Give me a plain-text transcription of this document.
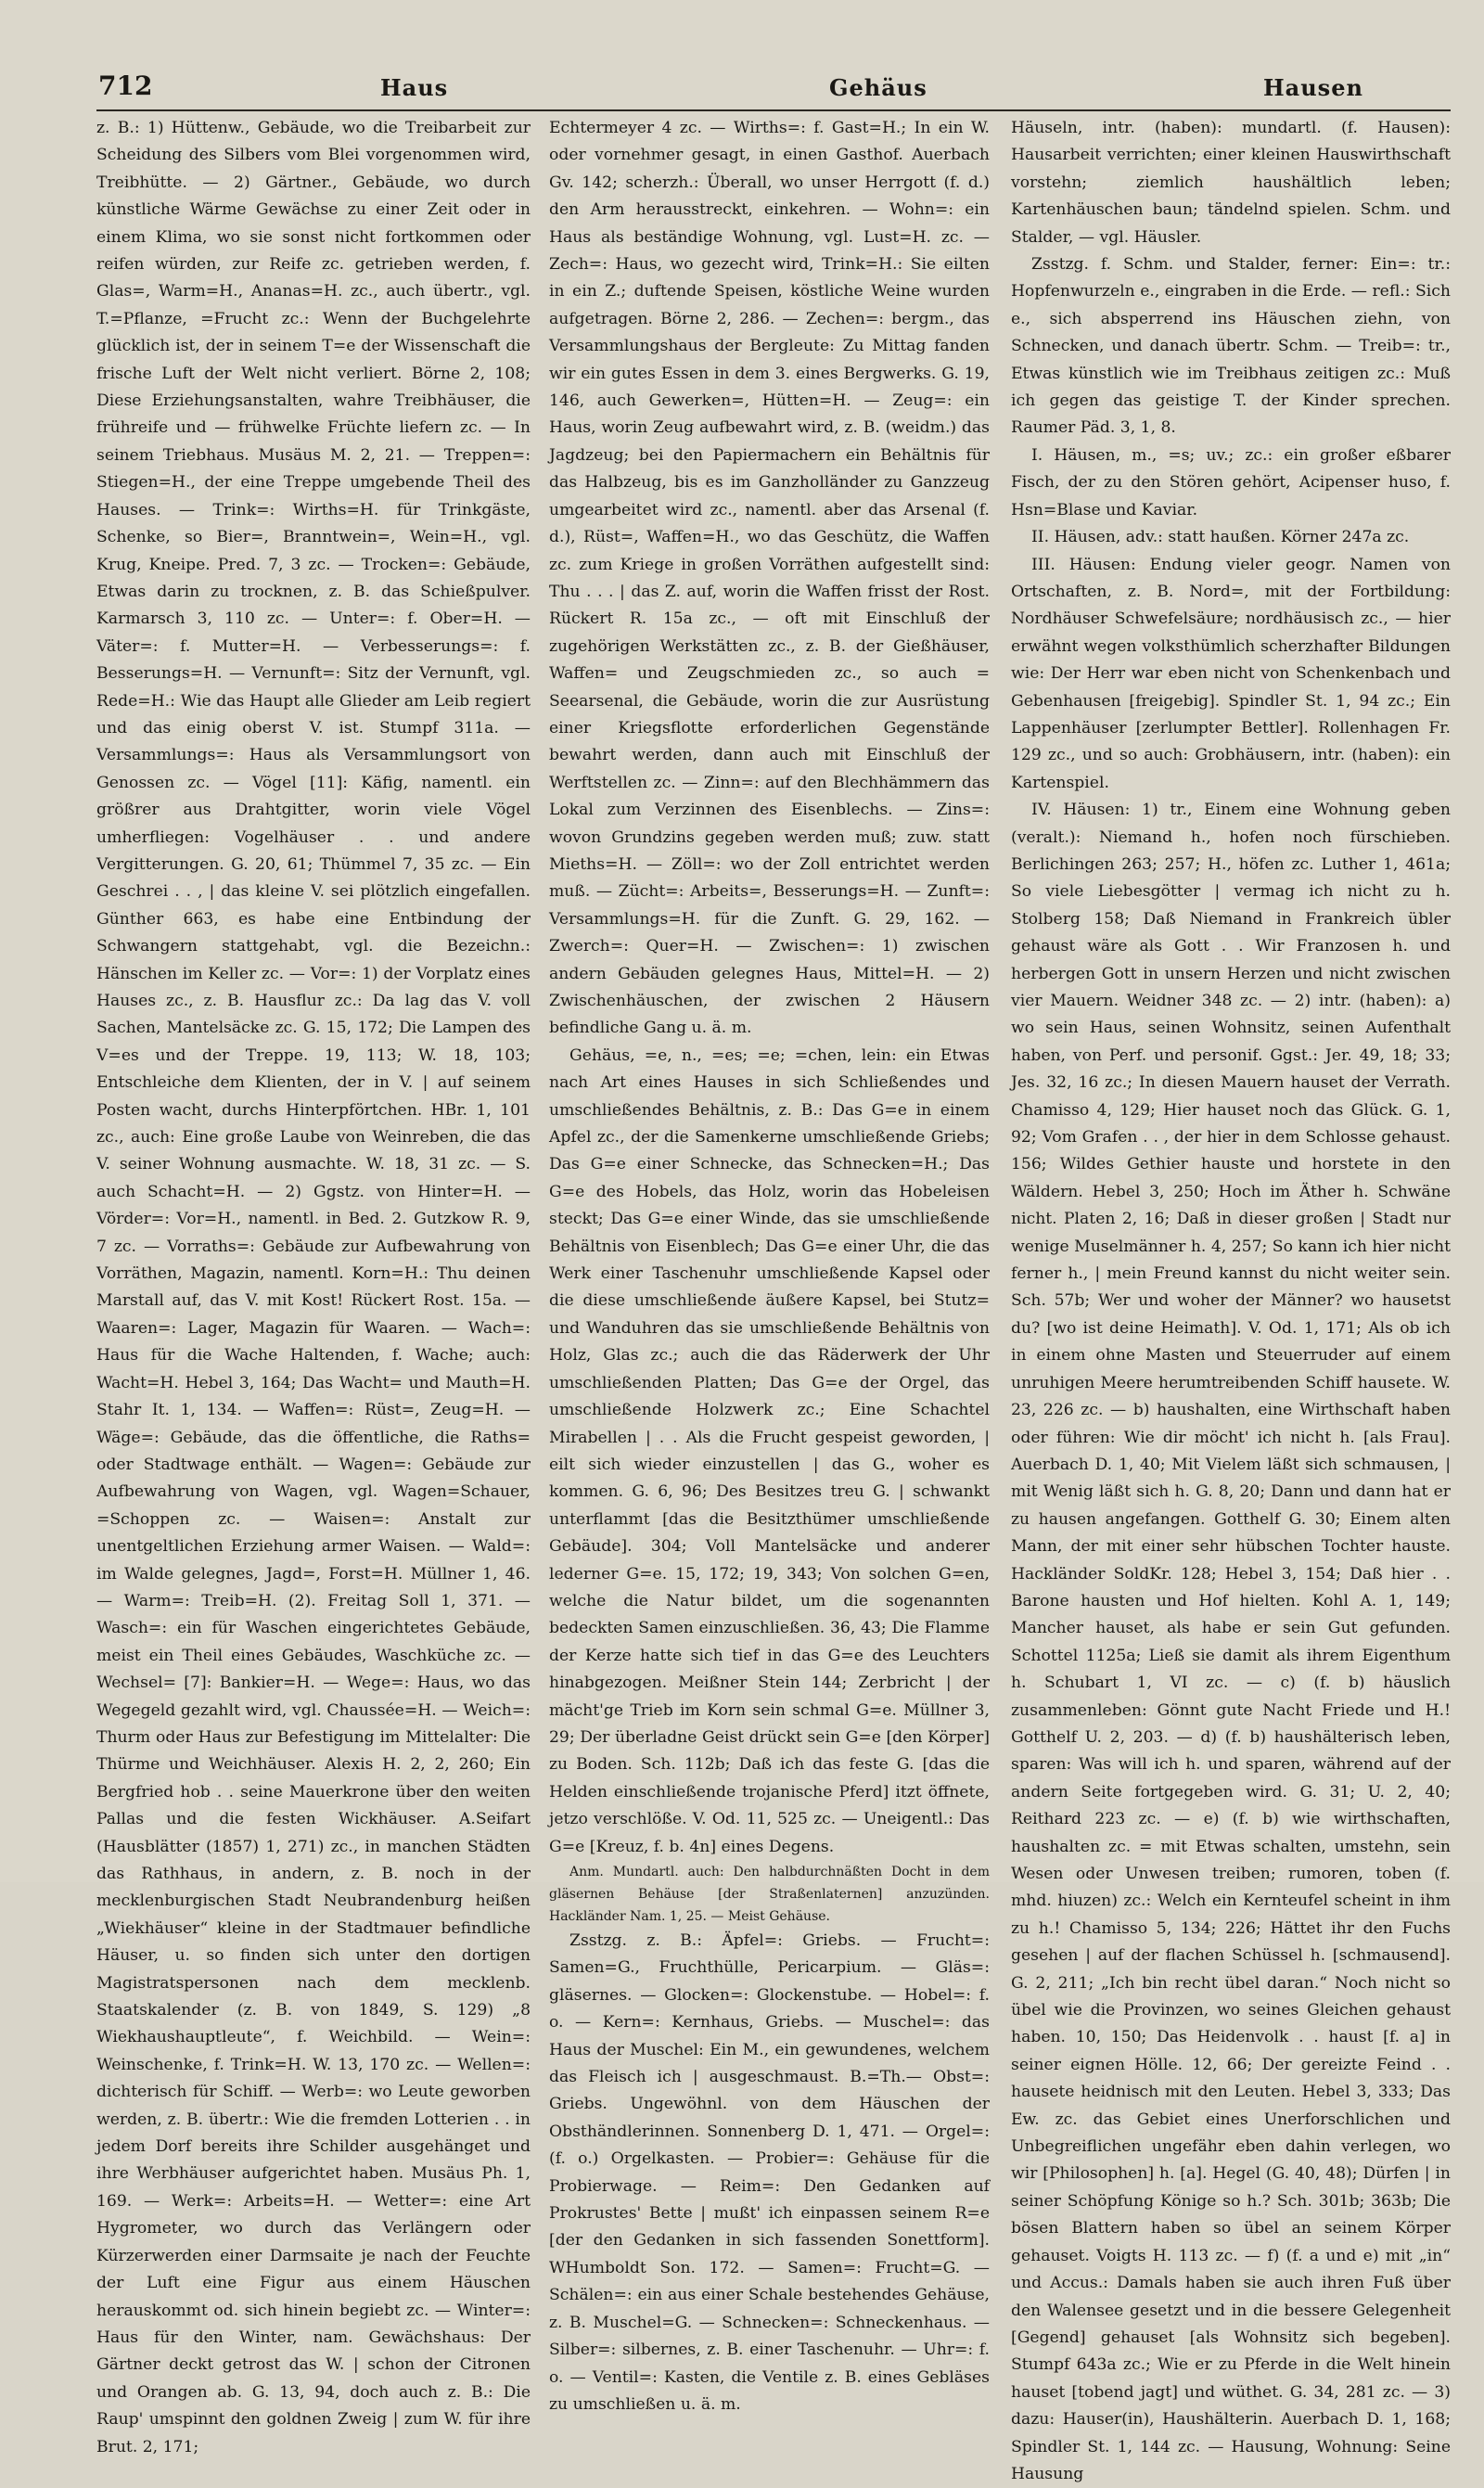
712	Haus	Gehäus	Hausen

z. B.: 1) Hüttenw., Gebäude, wo die Treibarbeit zur Scheidung des Silbers vom Blei vorgenommen wird, Treibhütte. — 2) Gärtner., Gebäude, wo durch künstliche Wärme Gewächse zu einer Zeit oder in einem Klima, wo sie sonst nicht fortkommen oder reifen würden, zur Reife zc. getrieben werden, f. Glas=, Warm=H., Ananas=H. zc., auch übertr., vgl. T.=Pflanze, =Frucht zc.: Wenn der Buchgelehrte glücklich ist, der in seinem T=e der Wissenschaft die frische Luft der Welt nicht verliert. Börne 2, 108; Diese Erziehungsanstalten, wahre Treibhäuser, die frühreife und — frühwelke Früchte liefern zc. — In seinem Triebhaus. Musäus M. 2, 21. — Treppen=: Stiegen=H., der eine Treppe umgebende Theil des Hauses. — Trink=: Wirths=H. für Trinkgäste, Schenke, so Bier=, Branntwein=, Wein=H., vgl. Krug, Kneipe. Pred. 7, 3 zc. — Trocken=: Gebäude, Etwas darin zu trocknen, z. B. das Schießpulver. Karmarsch 3, 110 zc. — Unter=: f. Ober=H. — Väter=: f. Mutter=H. — Verbesserungs=: f. Besserungs=H. — Vernunft=: Sitz der Vernunft, vgl. Rede=H.: Wie das Haupt alle Glieder am Leib regiert und das einig oberst V. ist. Stumpf 311a. — Versammlungs=: Haus als Versammlungsort von Genossen zc. — Vögel [11]: Käfig, namentl. ein größrer aus Drahtgitter, worin viele Vögel umherfliegen: Vogelhäuser . . und andere Vergitterungen. G. 20, 61; Thümmel 7, 35 zc. — Ein Geschrei . . , | das kleine V. sei plötzlich eingefallen. Günther 663, es habe eine Entbindung der Schwangern stattgehabt, vgl. die Bezeichn.: Hänschen im Keller zc. — Vor=: 1) der Vorplatz eines Hauses zc., z. B. Hausflur zc.: Da lag das V. voll Sachen, Mantelsäcke zc. G. 15, 172; Die Lampen des V=es und der Treppe. 19, 113; W. 18, 103; Entschleiche dem Klienten, der in V. | auf seinem Posten wacht, durchs Hinterpförtchen. HBr. 1, 101 zc., auch: Eine große Laube von Weinreben, die das V. seiner Wohnung ausmachte. W. 18, 31 zc. — S. auch Schacht=H. — 2) Ggstz. von Hinter=H. — Vörder=: Vor=H., namentl. in Bed. 2. Gutzkow R. 9, 7 zc. — Vorraths=: Gebäude zur Aufbewahrung von Vorräthen, Magazin, namentl. Korn=H.: Thu deinen Marstall auf, das V. mit Kost! Rückert Rost. 15a. — Waaren=: Lager, Magazin für Waaren. — Wach=: Haus für die Wache Haltenden, f. Wache; auch: Wacht=H. Hebel 3, 164; Das Wacht= und Mauth=H. Stahr It. 1, 134. — Waffen=: Rüst=, Zeug=H. — Wäge=: Gebäude, das die öffentliche, die Raths= oder Stadtwage enthält. — Wagen=: Gebäude zur Aufbewahrung von Wagen, vgl. Wagen=Schauer, =Schoppen zc. — Waisen=: Anstalt zur unentgeltlichen Erziehung armer Waisen. — Wald=: im Walde gelegnes, Jagd=, Forst=H. Müllner 1, 46. — Warm=: Treib=H. (2). Freitag Soll 1, 371. — Wasch=: ein für Waschen eingerichtetes Gebäude, meist ein Theil eines Gebäudes, Waschküche zc. — Wechsel= [7]: Bankier=H. — Wege=: Haus, wo das Wegegeld gezahlt wird, vgl. Chaussée=H. — Weich=: Thurm oder Haus zur Befestigung im Mittelalter: Die Thürme und Weichhäuser. Alexis H. 2, 2, 260; Ein Bergfried hob . . seine Mauerkrone über den weiten Pallas und die festen Wickhäuser. A.Seifart (Hausblätter (1857) 1, 271) zc., in manchen Städten das Rathhaus, in andern, z. B. noch in der mecklenburgischen Stadt Neubrandenburg heißen „Wiekhäuser“ kleine in der Stadtmauer befindliche Häuser, u. so finden sich unter den dortigen Magistratspersonen nach dem mecklenb. Staatskalender (z. B. von 1849, S. 129) „8 Wiekhaushauptleute“, f. Weichbild. — Wein=: Weinschenke, f. Trink=H. W. 13, 170 zc. — Wellen=: dichterisch für Schiff. — Werb=: wo Leute geworben werden, z. B. übertr.: Wie die fremden Lotterien . . in jedem Dorf bereits ihre Schilder ausgehänget und ihre Werbhäuser aufgerichtet haben. Musäus Ph. 1, 169. — Werk=: Arbeits=H. — Wetter=: eine Art Hygrometer, wo durch das Verlängern oder Kürzerwerden einer Darmsaite je nach der Feuchte der Luft eine Figur aus einem Häuschen herauskommt od. sich hinein begiebt zc. — Winter=: Haus für den Winter, nam. Gewächshaus: Der Gärtner deckt getrost das W. | schon der Citronen und Orangen ab. G. 13, 94, doch auch z. B.: Die Raup' umspinnt den goldnen Zweig | zum W. für ihre Brut. 2, 171;

Echtermeyer 4 zc. — Wirths=: f. Gast=H.; In ein W. oder vornehmer gesagt, in einen Gasthof. Auerbach Gv. 142; scherzh.: Überall, wo unser Herrgott (f. d.) den Arm herausstreckt, einkehren. — Wohn=: ein Haus als beständige Wohnung, vgl. Lust=H. zc. — Zech=: Haus, wo gezecht wird, Trink=H.: Sie eilten in ein Z.; duftende Speisen, köstliche Weine wurden aufgetragen. Börne 2, 286. — Zechen=: bergm., das Versammlungshaus der Bergleute: Zu Mittag fanden wir ein gutes Essen in dem 3. eines Bergwerks. G. 19, 146, auch Gewerken=, Hütten=H. — Zeug=: ein Haus, worin Zeug aufbewahrt wird, z. B. (weidm.) das Jagdzeug; bei den Papiermachern ein Behältnis für das Halbzeug, bis es im Ganzholländer zu Ganzzeug umgearbeitet wird zc., namentl. aber das Arsenal (f. d.), Rüst=, Waffen=H., wo das Geschütz, die Waffen zc. zum Kriege in großen Vorräthen aufgestellt sind: Thu . . . | das Z. auf, worin die Waffen frisst der Rost. Rückert R. 15a zc., — oft mit Einschluß der zugehörigen Werkstätten zc., z. B. der Gießhäuser, Waffen= und Zeugschmieden zc., so auch = Seearsenal, die Gebäude, worin die zur Ausrüstung einer Kriegsflotte erforderlichen Gegenstände bewahrt werden, dann auch mit Einschluß der Werftstellen zc. — Zinn=: auf den Blechhämmern das Lokal zum Verzinnen des Eisenblechs. — Zins=: wovon Grundzins gegeben werden muß; zuw. statt Mieths=H. — Zöll=: wo der Zoll entrichtet werden muß. — Zücht=: Arbeits=, Besserungs=H. — Zunft=: Versammlungs=H. für die Zunft. G. 29, 162. — Zwerch=: Quer=H. — Zwischen=: 1) zwischen andern Gebäuden gelegnes Haus, Mittel=H. — 2) Zwischenhäuschen, der zwischen 2 Häusern befindliche Gang u. ä. m.

Gehäus, =e, n., =es; =e; =chen, lein: ein Etwas nach Art eines Hauses in sich Schließendes und umschließendes Behältnis, z. B.: Das G=e in einem Apfel zc., der die Samenkerne umschließende Griebs; Das G=e einer Schnecke, das Schnecken=H.; Das G=e des Hobels, das Holz, worin das Hobeleisen steckt; Das G=e einer Winde, das sie umschließende Behältnis von Eisenblech; Das G=e einer Uhr, die das Werk einer Taschenuhr umschließende Kapsel oder die diese umschließende äußere Kapsel, bei Stutz= und Wanduhren das sie umschließende Behältnis von Holz, Glas zc.; auch die das Räderwerk der Uhr umschließenden Platten; Das G=e der Orgel, das umschließende Holzwerk zc.; Eine Schachtel Mirabellen | . . Als die Frucht gespeist geworden, | eilt sich wieder einzustellen | das G., woher es kommen. G. 6, 96; Des Besitzes treu G. | schwankt unterflammt [das die Besitzthümer umschließende Gebäude]. 304; Voll Mantelsäcke und anderer lederner G=e. 15, 172; 19, 343; Von solchen G=en, welche die Natur bildet, um die sogenannten bedeckten Samen einzuschließen. 36, 43; Die Flamme der Kerze hatte sich tief in das G=e des Leuchters hinabgezogen. Meißner Stein 144; Zerbricht | der mächt'ge Trieb im Korn sein schmal G=e. Müllner 3, 29; Der überladne Geist drückt sein G=e [den Körper] zu Boden. Sch. 112b; Daß ich das feste G. [das die Helden einschließende trojanische Pferd] itzt öffnete, jetzo verschlöße. V. Od. 11, 525 zc. — Uneigentl.: Das G=e [Kreuz, f. b. 4n] eines Degens.

Anm. Mundartl. auch: Den halbdurchnäßten Docht in dem gläsernen Behäuse [der Straßenlaternen] anzuzünden. Hackländer Nam. 1, 25. — Meist Gehäuse.

Zsstzg. z. B.: Äpfel=: Griebs. — Frucht=: Samen=G., Fruchthülle, Pericarpium. — Gläs=: gläsernes. — Glocken=: Glockenstube. — Hobel=: f. o. — Kern=: Kernhaus, Griebs. — Muschel=: das Haus der Muschel: Ein M., ein gewundenes, welchem das Fleisch ich | ausgeschmaust. B.=Th.— Obst=: Griebs. Ungewöhnl. von dem Häuschen der Obsthändlerinnen. Sonnenberg D. 1, 471. — Orgel=: (f. o.) Orgelkasten. — Probier=: Gehäuse für die Probierwage. — Reim=: Den Gedanken auf Prokrustes' Bette | mußt' ich einpassen seinem R=e [der den Gedanken in sich fassenden Sonettform]. WHumboldt Son. 172. — Samen=: Frucht=G. — Schälen=: ein aus einer Schale bestehendes Gehäuse, z. B. Muschel=G. — Schnecken=: Schneckenhaus. — Silber=: silbernes, z. B. einer Taschenuhr. — Uhr=: f. o. — Ventil=: Kasten, die Ventile z. B. eines Gebläses zu umschließen u. ä. m.

Häuseln, intr. (haben): mundartl. (f. Hausen): Hausarbeit verrichten; einer kleinen Hauswirthschaft vorstehn; ziemlich haushältlich leben; Kartenhäuschen baun; tändelnd spielen. Schm. und Stalder, — vgl. Häusler.

Zsstzg. f. Schm. und Stalder, ferner: Ein=: tr.: Hopfenwurzeln e., eingraben in die Erde. — refl.: Sich e., sich absperrend ins Häuschen ziehn, von Schnecken, und danach übertr. Schm. — Treib=: tr., Etwas künstlich wie im Treibhaus zeitigen zc.: Muß ich gegen das geistige T. der Kinder sprechen. Raumer Päd. 3, 1, 8.

I. Häusen, m., =s; uv.; zc.: ein großer eßbarer Fisch, der zu den Stören gehört, Acipenser huso, f. Hsn=Blase und Kaviar.

II. Häusen, adv.: statt haußen. Körner 247a zc.

III. Häusen: Endung vieler geogr. Namen von Ortschaften, z. B. Nord=, mit der Fortbildung: Nordhäuser Schwefelsäure; nordhäusisch zc., — hier erwähnt wegen volksthümlich scherzhafter Bildungen wie: Der Herr war eben nicht von Schenkenbach und Gebenhausen [freigebig]. Spindler St. 1, 94 zc.; Ein Lappenhäuser [zerlumpter Bettler]. Rollenhagen Fr. 129 zc., und so auch: Grobhäusern, intr. (haben): ein Kartenspiel.

IV. Häusen: 1) tr., Einem eine Wohnung geben (veralt.): Niemand h., hofen noch fürschieben. Berlichingen 263; 257; H., höfen zc. Luther 1, 461a; So viele Liebesgötter | vermag ich nicht zu h. Stolberg 158; Daß Niemand in Frankreich übler gehaust wäre als Gott . . Wir Franzosen h. und herbergen Gott in unsern Herzen und nicht zwischen vier Mauern. Weidner 348 zc. — 2) intr. (haben): a) wo sein Haus, seinen Wohnsitz, seinen Aufenthalt haben, von Perf. und personif. Ggst.: Jer. 49, 18; 33; Jes. 32, 16 zc.; In diesen Mauern hauset der Verrath. Chamisso 4, 129; Hier hauset noch das Glück. G. 1, 92; Vom Grafen . . , der hier in dem Schlosse gehaust. 156; Wildes Gethier hauste und horstete in den Wäldern. Hebel 3, 250; Hoch im Äther h. Schwäne nicht. Platen 2, 16; Daß in dieser großen | Stadt nur wenige Muselmänner h. 4, 257; So kann ich hier nicht ferner h., | mein Freund kannst du nicht weiter sein. Sch. 57b; Wer und woher der Männer? wo hausetst du? [wo ist deine Heimath]. V. Od. 1, 171; Als ob ich in einem ohne Masten und Steuerruder auf einem unruhigen Meere herumtreibenden Schiff hausete. W. 23, 226 zc. — b) haushalten, eine Wirthschaft haben oder führen: Wie dir möcht' ich nicht h. [als Frau]. Auerbach D. 1, 40; Mit Vielem läßt sich schmausen, | mit Wenig läßt sich h. G. 8, 20; Dann und dann hat er zu hausen angefangen. Gotthelf G. 30; Einem alten Mann, der mit einer sehr hübschen Tochter hauste. Hackländer SoldKr. 128; Hebel 3, 154; Daß hier . . Barone hausten und Hof hielten. Kohl A. 1, 149; Mancher hauset, als habe er sein Gut gefunden. Schottel 1125a; Ließ sie damit als ihrem Eigenthum h. Schubart 1, VI zc. — c) (f. b) häuslich zusammenleben: Gönnt gute Nacht Friede und H.! Gotthelf U. 2, 203. — d) (f. b) haushälterisch leben, sparen: Was will ich h. und sparen, während auf der andern Seite fortgegeben wird. G. 31; U. 2, 40; Reithard 223 zc. — e) (f. b) wie wirthschaften, haushalten zc. = mit Etwas schalten, umstehn, sein Wesen oder Unwesen treiben; rumoren, toben (f. mhd. hiuzen) zc.: Welch ein Kernteufel scheint in ihm zu h.! Chamisso 5, 134; 226; Hättet ihr den Fuchs gesehen | auf der flachen Schüssel h. [schmausend]. G. 2, 211; „Ich bin recht übel daran.“ Noch nicht so übel wie die Provinzen, wo seines Gleichen gehaust haben. 10, 150; Das Heidenvolk . . haust [f. a] in seiner eignen Hölle. 12, 66; Der gereizte Feind . . hausete heidnisch mit den Leuten. Hebel 3, 333; Das Ew. zc. das Gebiet eines Unerforschlichen und Unbegreiflichen ungefähr eben dahin verlegen, wo wir [Philosophen] h. [a]. Hegel (G. 40, 48); Dürfen | in seiner Schöpfung Könige so h.? Sch. 301b; 363b; Die bösen Blattern haben so übel an seinem Körper gehauset. Voigts H. 113 zc. — f) (f. a und e) mit „in“ und Accus.: Damals haben sie auch ihren Fuß über den Walensee gesetzt und in die bessere Gelegenheit [Gegend] gehauset [als Wohnsitz sich begeben]. Stumpf 643a zc.; Wie er zu Pferde in die Welt hinein hauset [tobend jagt] und wüthet. G. 34, 281 zc. — 3) dazu: Hauser(in), Haushälterin. Auerbach D. 1, 168; Spindler St. 1, 144 zc. — Hausung, Wohnung: Seine Hausung
